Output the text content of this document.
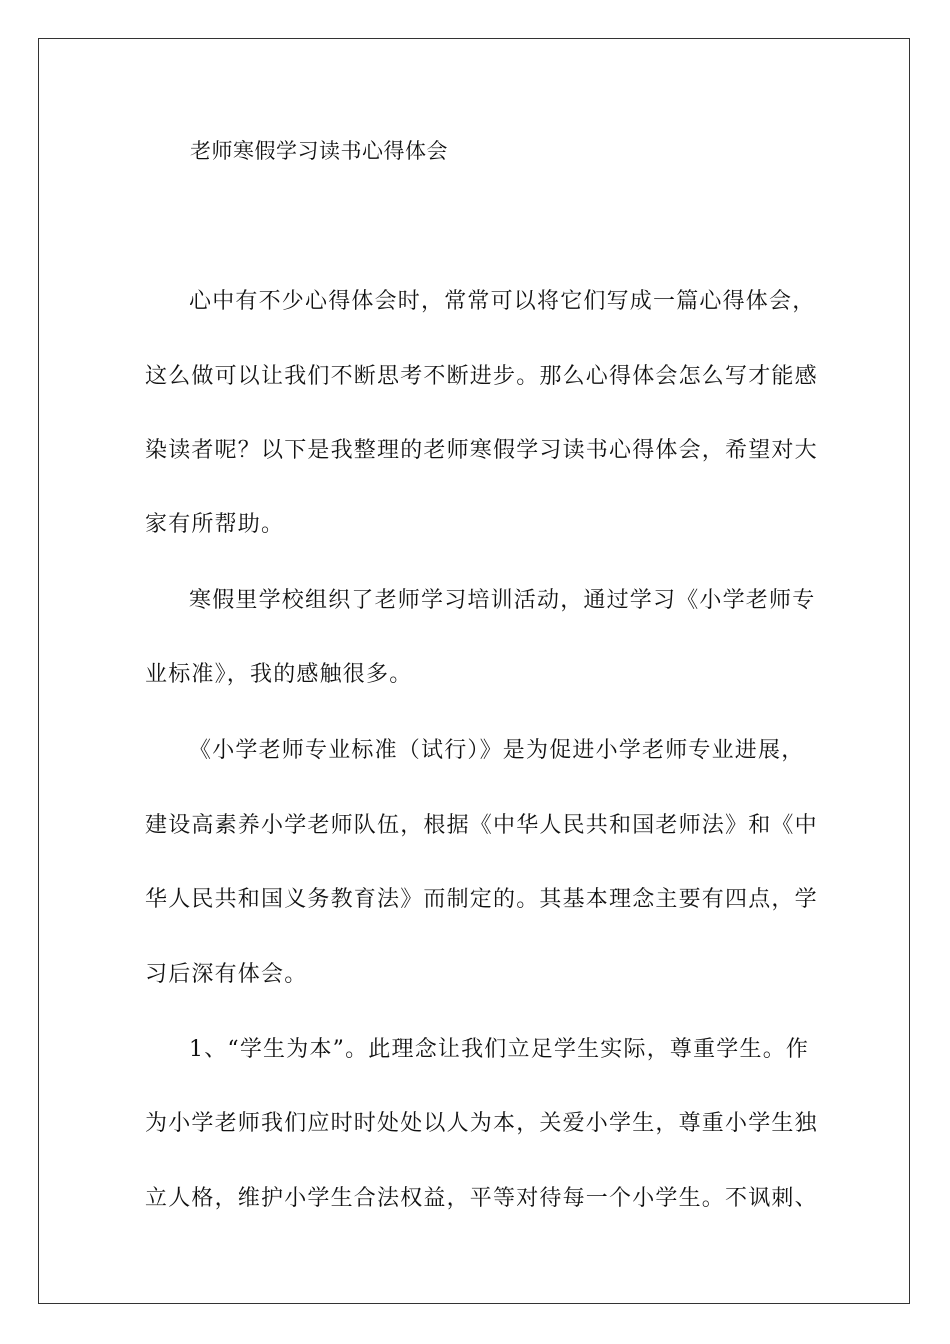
老师寒假学习读书心得体会
心中有不少心得体会时，常常可以将它们写成一篇心得体会，
这么做可以让我们不断思考不断进步。那么心得体会怎么写才能感
染读者呢？以下是我整理的老师寒假学习读书心得体会，希望对大
家有所帮助。
寒假里学校组织了老师学习培训活动，通过学习《小学老师专
业标准》，我的感触很多。
《小学老师专业标准（试行）》是为促进小学老师专业进展，
建设高素养小学老师队伍，根据《中华人民共和国老师法》和《中
华人民共和国义务教育法》而制定的。其基本理念主要有四点，学
习后深有体会。
1、“学生为本”。此理念让我们立足学生实际，尊重学生。作
为小学老师我们应时时处处以人为本，关爱小学生，尊重小学生独
立人格，维护小学生合法权益，平等对待每一个小学生。不讽刺、
